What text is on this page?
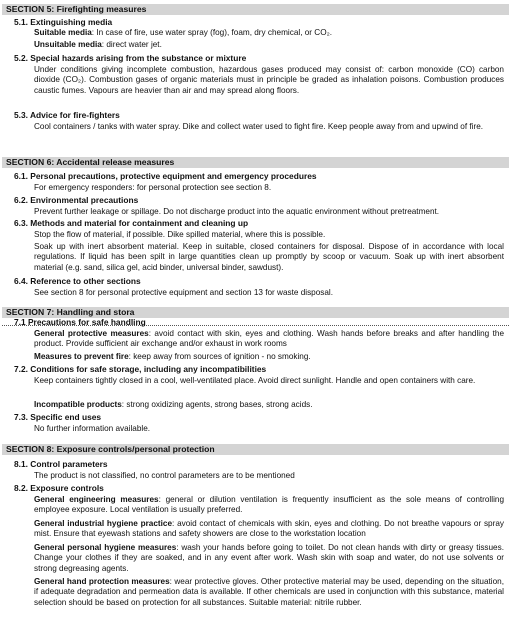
SECTION 5: Firefighting measures
5.1. Extinguishing media
Suitable media: In case of fire, use water spray (fog), foam, dry chemical, or CO₂.
Unsuitable media: direct water jet.
5.2. Special hazards arising from the substance or mixture
Under conditions giving incomplete combustion, hazardous gases produced may consist of: carbon monoxide (CO) carbon dioxide (CO₂). Combustion gases of organic materials must in principle be graded as inhalation poisons. Combustion produces caustic fumes. Vapours are heavier than air and may spread along floors.
5.3. Advice for fire-fighters
Cool containers / tanks with water spray. Dike and collect water used to fight fire. Keep people away from and upwind of fire.
SECTION 6: Accidental release measures
6.1. Personal precautions, protective equipment and emergency procedures
For emergency responders: for personal protection see section 8.
6.2. Environmental precautions
Prevent further leakage or spillage. Do not discharge product into the aquatic environment without pretreatment.
6.3. Methods and material for containment and cleaning up
Stop the flow of material, if possible. Dike spilled material, where this is possible.
Soak up with inert absorbent material. Keep in suitable, closed containers for disposal. Dispose of in accordance with local regulations. If liquid has been spilt in large quantities clean up promptly by scoop or vacuum. Soak up with inert absorbent material (e.g. sand, silica gel, acid binder, universal binder, sawdust).
6.4. Reference to other sections
See section 8 for personal protective equipment and section 13 for waste disposal.
SECTION 7: Handling and stora
7.1 Precautions for safe handling
General protective measures: avoid contact with skin, eyes and clothing. Wash hands before breaks and after handling the product. Provide sufficient air exchange and/or exhaust in work rooms
Measures to prevent fire: keep away from sources of ignition - no smoking.
7.2. Conditions for safe storage, including any incompatibilities
Keep containers tightly closed in a cool, well-ventilated place. Avoid direct sunlight. Handle and open containers with care.
Incompatible products: strong oxidizing agents, strong bases, strong acids.
7.3. Specific end uses
No further information available.
SECTION 8: Exposure controls/personal protection
8.1. Control parameters
The product is not classified, no control parameters are to be mentioned
8.2. Exposure controls
General engineering measures: general or dilution ventilation is frequently insufficient as the sole means of controlling employee exposure. Local ventilation is usually preferred.
General industrial hygiene practice: avoid contact of chemicals with skin, eyes and clothing. Do not breathe vapours or spray mist. Ensure that eyewash stations and safety showers are close to the workstation location
General personal hygiene measures: wash your hands before going to toilet. Do not clean hands with dirty or greasy tissues. Change your clothes if they are soaked, and in any event after work. Wash skin with soap and water, do not use solvents or strong degreasing agents.
General hand protection measures: wear protective gloves. Other protective material may be used, depending on the situation, if adequate degradation and permeation data is available. If other chemicals are used in conjunction with this substance, material selection should be based on protection for all substances. Suitable material: nitrile rubber.
